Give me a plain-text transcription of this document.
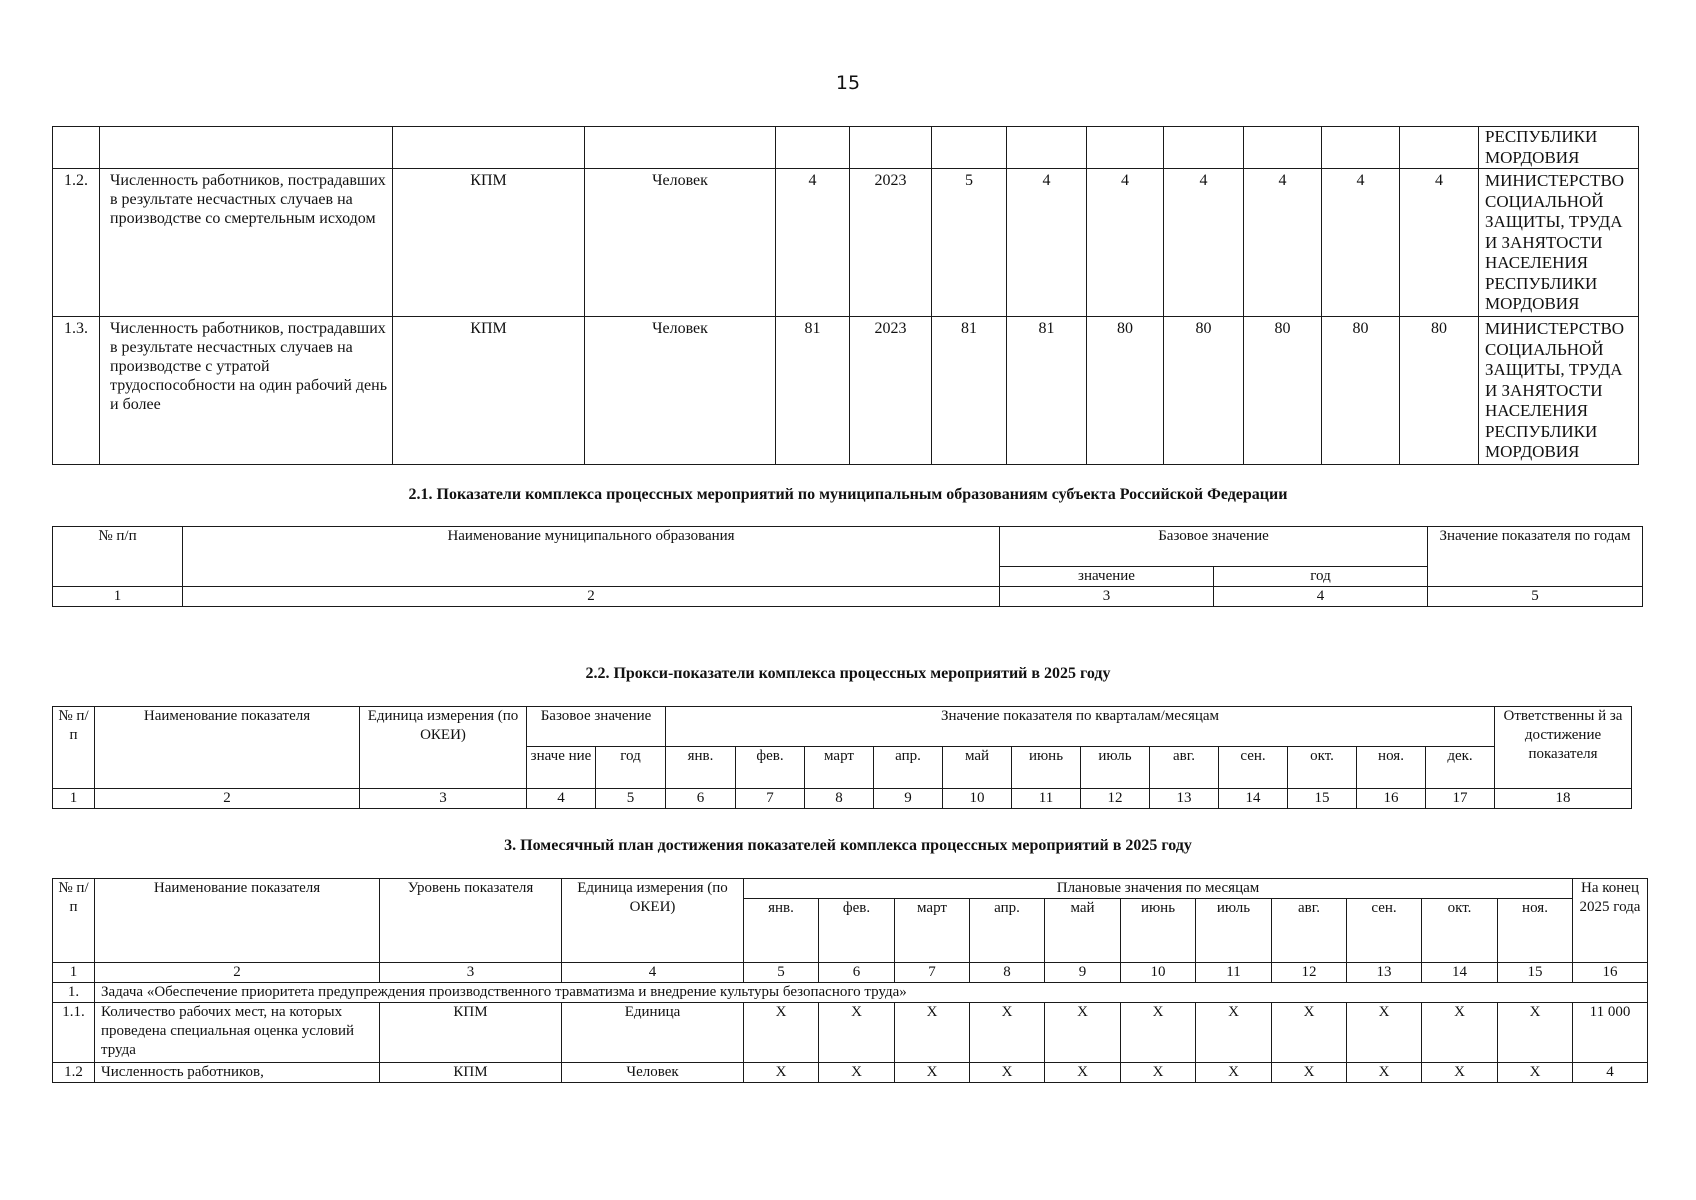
15
													РЕСПУБЛИКИ
МОРДОВИЯ
1.2.	Численность работников, пострадавших в результате несчастных случаев на производстве со смертельным исходом	КПМ	Человек	4	2023	5	4	4	4	4	4	4	МИНИСТЕРСТВО СОЦИАЛЬНОЙ ЗАЩИТЫ, ТРУДА И ЗАНЯТОСТИ НАСЕЛЕНИЯ РЕСПУБЛИКИ МОРДОВИЯ
1.3.	Численность работников, пострадавших в результате несчастных случаев на производстве с утратой трудоспособности на один рабочий день и более	КПМ	Человек	81	2023	81	81	80	80	80	80	80	МИНИСТЕРСТВО СОЦИАЛЬНОЙ ЗАЩИТЫ, ТРУДА И ЗАНЯТОСТИ НАСЕЛЕНИЯ РЕСПУБЛИКИ МОРДОВИЯ
2.1. Показатели комплекса процессных мероприятий по муниципальным образованиям субъекта Российской Федерации
№ п/п	Наименование муниципального образования	Базовое значение		Значение показателя по годам
		значение	год	
1	2	3	4	5
2.2. Прокси-показатели комплекса процессных мероприятий в 2025 году
№ п/ п	Наименование показателя	Единица измерения (по ОКЕИ)	Базовое значение		Значение показателя по кварталам/месяцам												Ответственны й за достижение показателя
			значе ние	год	янв.	фев.	март	апр.	май	июнь	июль	авг.	сен.	окт.	ноя.	дек.	
1	2	3	4	5	6	7	8	9	10	11	12	13	14	15	16	17	18
3. Помесячный план достижения показателей комплекса процессных мероприятий в 2025 году
№ п/ п	Наименование показателя	Уровень показателя	Единица измерения (по ОКЕИ)	Плановые значения по месяцам											На конец 2025 года
				янв.	фев.	март	апр.	май	июнь	июль	авг.	сен.	окт.	ноя.	
1	2	3	4	5	6	7	8	9	10	11	12	13	14	15	16
1.	Задача «Обеспечение приоритета предупреждения производственного травматизма и внедрение культуры безопасного труда»														
1.1.	Количество рабочих мест, на которых проведена специальная оценка условий труда	КПМ	Единица	X	X	X	X	X	X	X	X	X	X	X	11 000
1.2	Численность работников,	КПМ	Человек	X	X	X	X	X	X	X	X	X	X	X	4
